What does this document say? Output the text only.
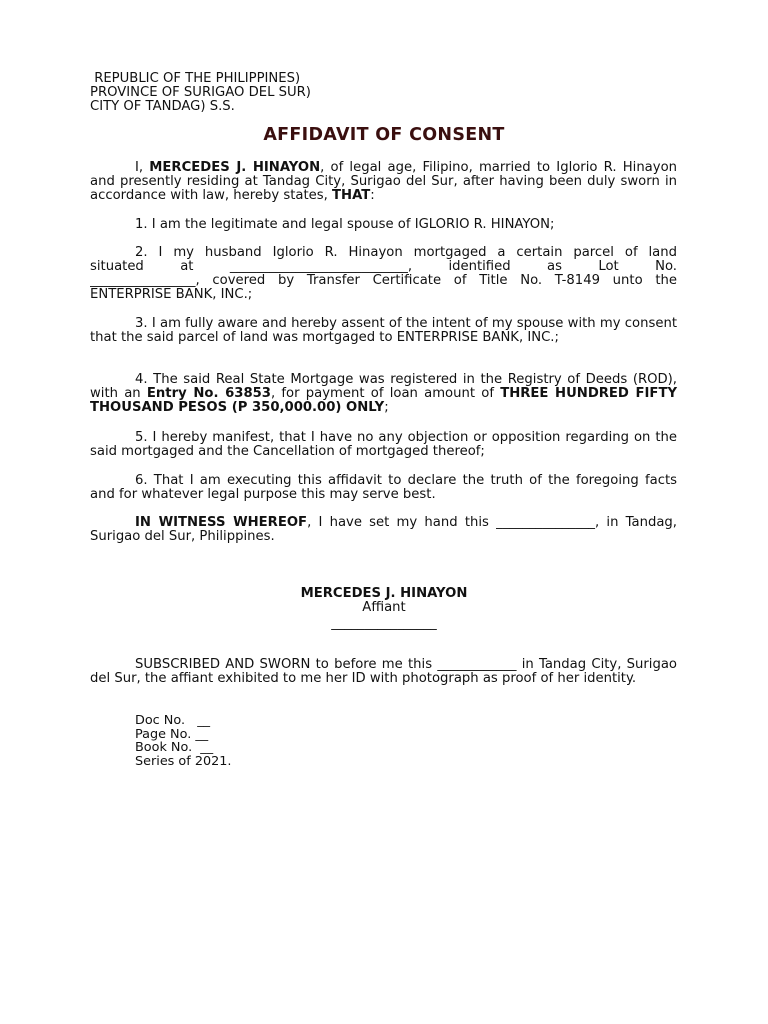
REPUBLIC OF THE PHILIPPINES)
PROVINCE OF SURIGAO DEL SUR)
CITY OF TANDAG) S.S.
AFFIDAVIT OF CONSENT
I, MERCEDES J. HINAYON, of legal age, Filipino, married to Iglorio R. Hinayon and presently residing at Tandag City, Surigao del Sur, after having been duly sworn in accordance with law, hereby states, THAT:
1. I am the legitimate and legal spouse of IGLORIO R. HINAYON;
2. I my husband Iglorio R. Hinayon mortgaged a certain parcel of land
situated at ___________________________, identified as Lot No.
________________, covered by Transfer Certificate of Title No. T-8149 unto the
ENTERPRISE BANK, INC.;
3. I am fully aware and hereby assent of the intent of my spouse with my consent that the said parcel of land was mortgaged to ENTERPRISE BANK, INC.;
4. The said Real State Mortgage was registered in the Registry of Deeds (ROD), with an Entry No. 63853, for payment of loan amount of THREE HUNDRED FIFTY THOUSAND PESOS (P 350,000.00) ONLY;
5. I hereby manifest, that I have no any objection or opposition regarding on the said mortgaged and the Cancellation of mortgaged thereof;
6. That I am executing this affidavit to declare the truth of the foregoing facts and for whatever legal purpose this may serve best.
IN WITNESS WHEREOF, I have set my hand this _______________, in Tandag, Surigao del Sur, Philippines.
MERCEDES J. HINAYON
Affiant
________________
SUBSCRIBED AND SWORN to before me this ____________ in Tandag City, Surigao del Sur, the affiant exhibited to me her ID with photograph as proof of her identity.
Doc No.   __
Page No. __
Book No.  __
Series of 2021.
